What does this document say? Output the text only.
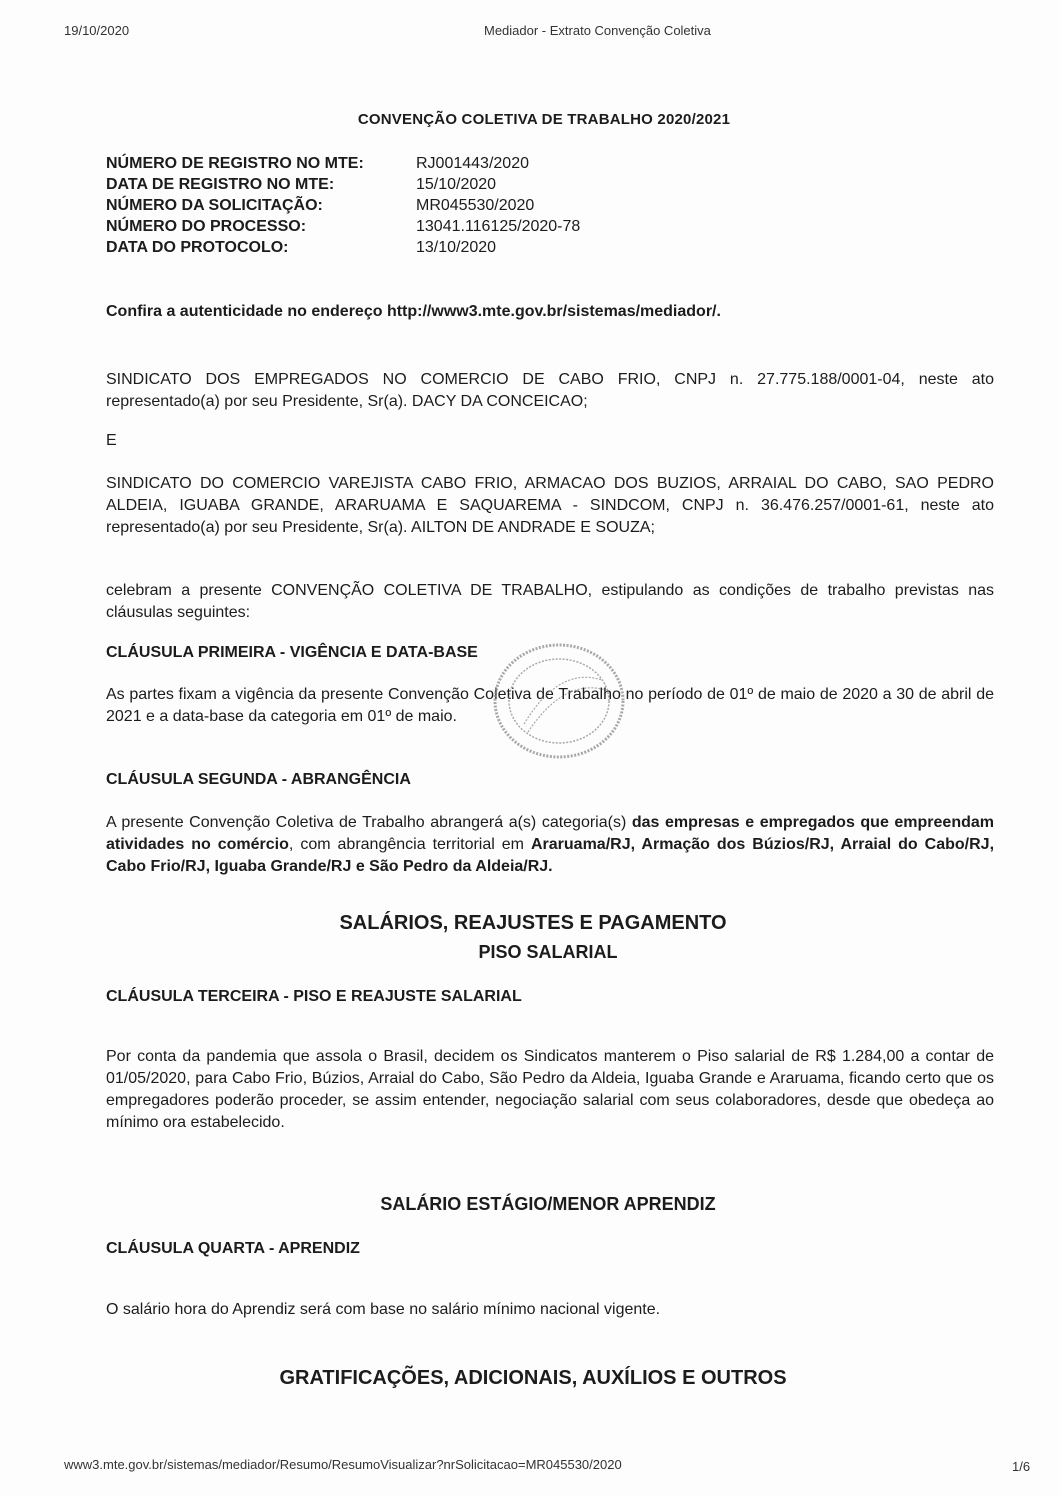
19/10/2020	Mediador - Extrato Convenção Coletiva
CONVENÇÃO COLETIVA DE TRABALHO 2020/2021
NÚMERO DE REGISTRO NO MTE:	RJ001443/2020
DATA DE REGISTRO NO MTE:	15/10/2020
NÚMERO DA SOLICITAÇÃO:	MR045530/2020
NÚMERO DO PROCESSO:	13041.116125/2020-78
DATA DO PROTOCOLO:	13/10/2020
Confira a autenticidade no endereço http://www3.mte.gov.br/sistemas/mediador/.
SINDICATO DOS EMPREGADOS NO COMERCIO DE CABO FRIO, CNPJ n. 27.775.188/0001-04, neste ato representado(a) por seu Presidente, Sr(a). DACY DA CONCEICAO;
E
SINDICATO DO COMERCIO VAREJISTA CABO FRIO, ARMACAO DOS BUZIOS, ARRAIAL DO CABO, SAO PEDRO ALDEIA, IGUABA GRANDE, ARARUAMA E SAQUAREMA - SINDCOM, CNPJ n. 36.476.257/0001-61, neste ato representado(a) por seu Presidente, Sr(a). AILTON DE ANDRADE E SOUZA;
celebram a presente CONVENÇÃO COLETIVA DE TRABALHO, estipulando as condições de trabalho previstas nas cláusulas seguintes:
CLÁUSULA PRIMEIRA - VIGÊNCIA E DATA-BASE
As partes fixam a vigência da presente Convenção Coletiva de Trabalho no período de 01º de maio de 2020 a 30 de abril de 2021 e a data-base da categoria em 01º de maio.
CLÁUSULA SEGUNDA - ABRANGÊNCIA
A presente Convenção Coletiva de Trabalho abrangerá a(s) categoria(s) das empresas e empregados que empreendam atividades no comércio, com abrangência territorial em Araruama/RJ, Armação dos Búzios/RJ, Arraial do Cabo/RJ, Cabo Frio/RJ, Iguaba Grande/RJ e São Pedro da Aldeia/RJ.
SALÁRIOS, REAJUSTES E PAGAMENTO
PISO SALARIAL
CLÁUSULA TERCEIRA - PISO E REAJUSTE SALARIAL
Por conta da pandemia que assola o Brasil, decidem os Sindicatos manterem o Piso salarial de R$ 1.284,00 a contar de 01/05/2020, para Cabo Frio, Búzios, Arraial do Cabo, São Pedro da Aldeia, Iguaba Grande e Araruama, ficando certo que os empregadores poderão proceder, se assim entender, negociação salarial com seus colaboradores, desde que obedeça ao mínimo ora estabelecido.
SALÁRIO ESTÁGIO/MENOR APRENDIZ
CLÁUSULA QUARTA - APRENDIZ
O salário hora do Aprendiz será com base no salário mínimo nacional vigente.
GRATIFICAÇÕES, ADICIONAIS, AUXÍLIOS E OUTROS
www3.mte.gov.br/sistemas/mediador/Resumo/ResumoVisualizar?nrSolicitacao=MR045530/2020	1/6
